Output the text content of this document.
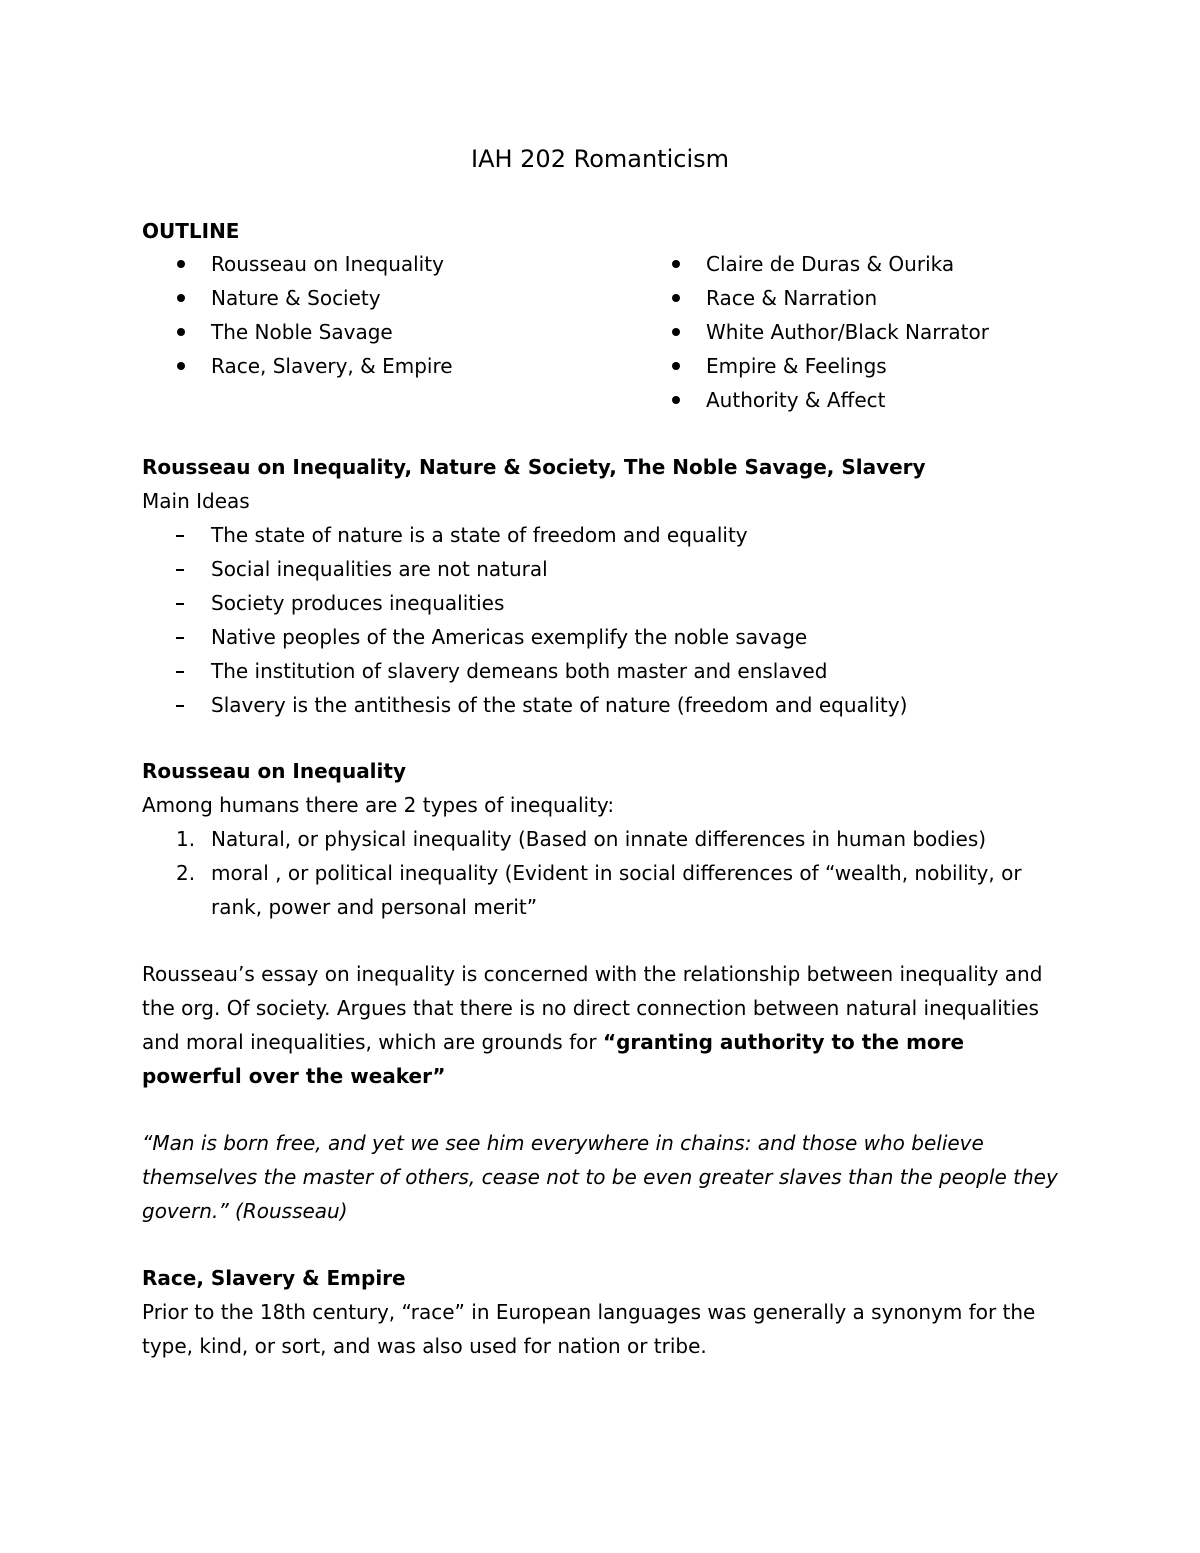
IAH 202 Romanticism
OUTLINE
Rousseau on Inequality
Nature & Society
The Noble Savage
Race, Slavery, & Empire
Claire de Duras & Ourika
Race & Narration
White Author/Black Narrator
Empire & Feelings
Authority & Affect
Rousseau on Inequality, Nature & Society, The Noble Savage, Slavery
Main Ideas
The state of nature is a state of freedom and equality
Social inequalities are not natural
Society produces inequalities
Native peoples of the Americas exemplify the noble savage
The institution of slavery demeans both master and enslaved
Slavery is the antithesis of the state of nature (freedom and equality)
Rousseau on Inequality
Among humans there are 2 types of inequality:
1. Natural, or physical inequality (Based on innate differences in human bodies)
2. moral , or political inequality (Evident in social differences of “wealth, nobility, or
rank, power and personal merit”
Rousseau’s essay on inequality is concerned with the relationship between inequality and the org. Of society. Argues that there is no direct connection between natural inequalities and moral inequalities, which are grounds for “granting authority to the more powerful over the weaker”
“Man is born free, and yet we see him everywhere in chains: and those who believe themselves the master of others, cease not to be even greater slaves than the people they govern.” (Rousseau)
Race, Slavery & Empire
Prior to the 18th century, “race” in European languages was generally a synonym for the type, kind, or sort, and was also used for nation or tribe.
